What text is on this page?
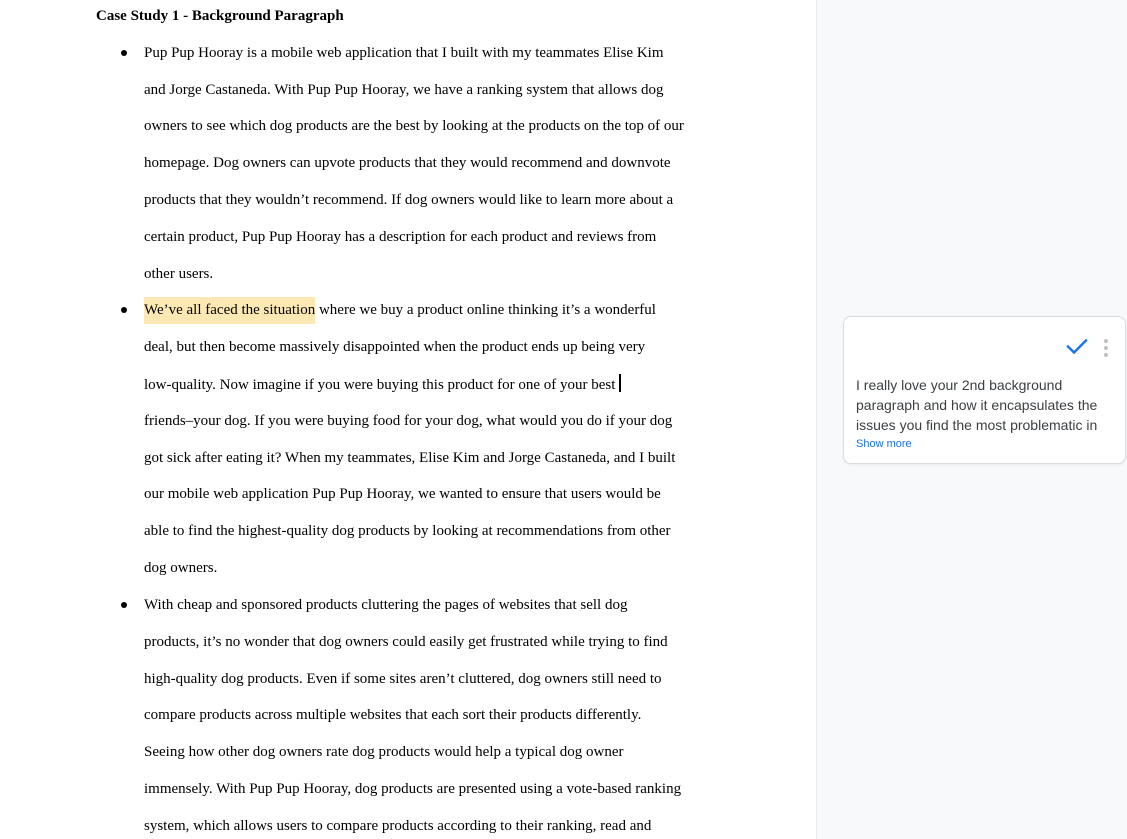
Case Study 1 - Background Paragraph
Pup Pup Hooray is a mobile web application that I built with my teammates Elise Kim
and Jorge Castaneda. With Pup Pup Hooray, we have a ranking system that allows dog
owners to see which dog products are the best by looking at the products on the top of our
homepage. Dog owners can upvote products that they would recommend and downvote
products that they wouldn’t recommend. If dog owners would like to learn more about a
certain product, Pup Pup Hooray has a description for each product and reviews from
other users.
We’ve all faced the situation where we buy a product online thinking it’s a wonderful
deal, but then become massively disappointed when the product ends up being very
low-quality. Now imagine if you were buying this product for one of your best
friends–your dog. If you were buying food for your dog, what would you do if your dog
got sick after eating it? When my teammates, Elise Kim and Jorge Castaneda, and I built
our mobile web application Pup Pup Hooray, we wanted to ensure that users would be
able to find the highest-quality dog products by looking at recommendations from other
dog owners.
With cheap and sponsored products cluttering the pages of websites that sell dog
products, it’s no wonder that dog owners could easily get frustrated while trying to find
high-quality dog products. Even if some sites aren’t cluttered, dog owners still need to
compare products across multiple websites that each sort their products differently.
Seeing how other dog owners rate dog products would help a typical dog owner
immensely. With Pup Pup Hooray, dog products are presented using a vote-based ranking
system, which allows users to compare products according to their ranking, read and
I really love your 2nd background
paragraph and how it encapsulates the
issues you find the most problematic in
Show more
